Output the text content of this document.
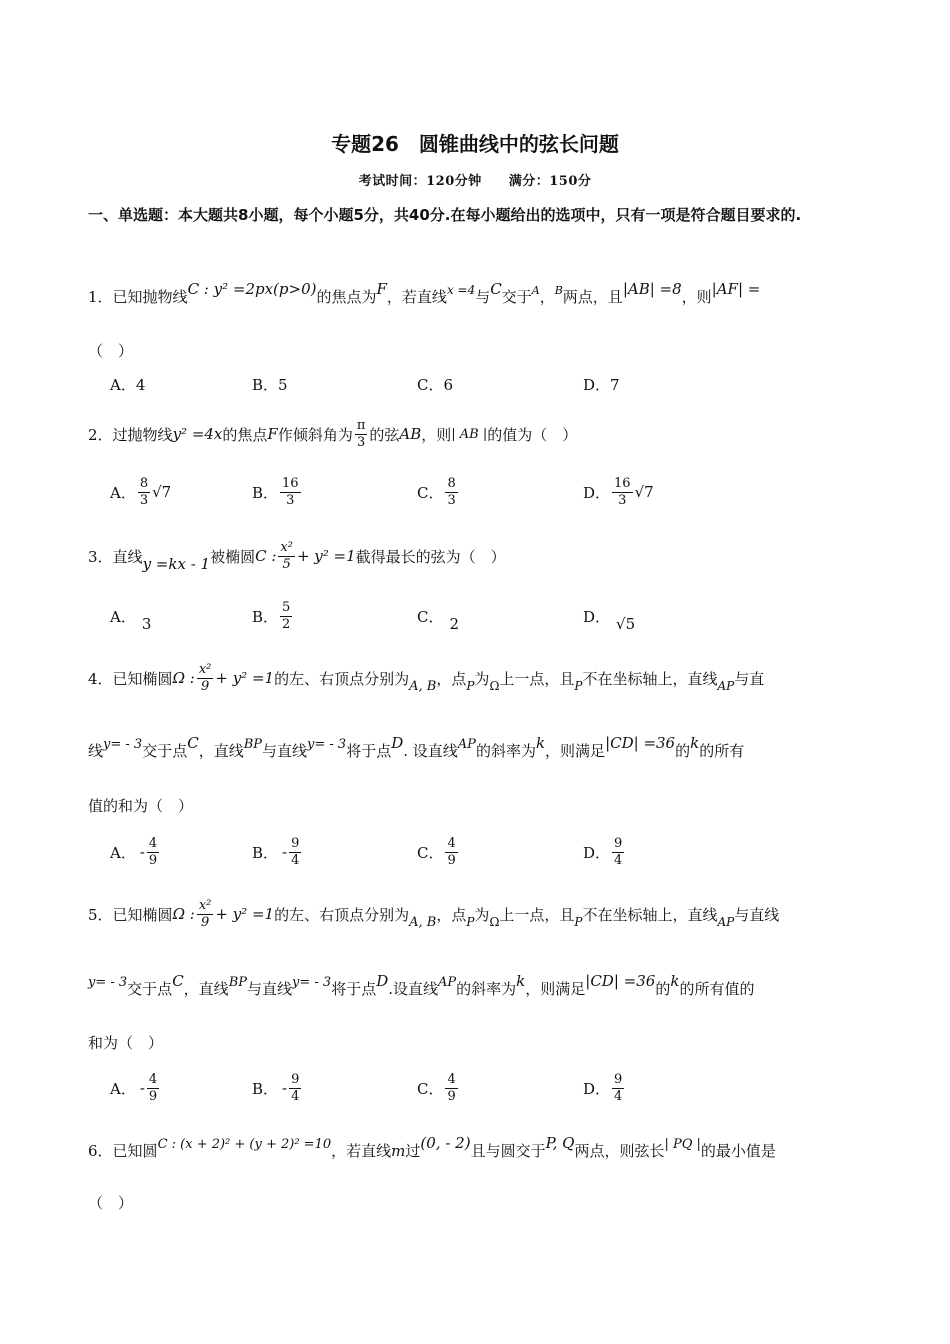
专题26　圆锥曲线中的弦长问题
考试时间：120分钟　　满分：150分
一、单选题：本大题共8小题，每个小题5分，共40分.在每小题给出的选项中，只有一项是符合题目要求的.
1．已知抛物线C : y² =2px(p>0)的焦点为F，若直线$^{x =4}$与C交于$^A$，$^B$两点，且|AB| =8，则|AF| =
（　）
A． 4	B． 5	C． 6	D． 7
2． 过抛物线 y² =4x 的焦点 F 作倾斜角为 $\frac{\pi}{3}$ 的弦 AB ，则 | AB | 的值为（　）
A． $\frac{8}{3} √7$	B． $\frac{16}{3}$	C． $\frac{8}{3}$	D． $\frac{16}{3} √7$
3． 直线 y =kx - 1 被椭圆 C : $\frac{\text{x²}}{5} + y^2 =1$ 截得最长的弦为（　）
A． 3	B． $\frac{5}{2}$	C． 2	D． √5
4． 已知椭圆 Ω : $\frac{\text{x²}}{9} + y^2 =1$ 的左、右顶点分别为 A, B ，点 P 为 Ω 上一点，且 P 不在坐标轴上，直线 AP 与直
线y= - 3交于点C，直线BP与直线y= - 3将于点D. 设直线AP的斜率为k，则满足|CD| =36的k的所有
值的和为（　）
A． - $\frac{4}{9}$	B． - $\frac{9}{4}$	C． $\frac{4}{9}$	D． $\frac{9}{4}$
5． 已知椭圆 Ω : $\frac{\text{x²}}{9} + y^2 =1$ 的左、右顶点分别为 A, B ，点 P 为 Ω 上一点，且 P 不在坐标轴上，直线 AP 与直线
y= - 3交于点C，直线BP与直线y= - 3将于点D.设直线AP的斜率为k，则满足|CD| =36的k的所有值的
和为（　）
A． - $\frac{4}{9}$	B． - $\frac{9}{4}$	C． $\frac{4}{9}$	D． $\frac{9}{4}$
6．已知圆C : (x + 2)² + (y + 2)² =10，若直线m过(0, - 2)且与圆交于P, Q两点，则弦长| PQ |的最小值是
（　）
